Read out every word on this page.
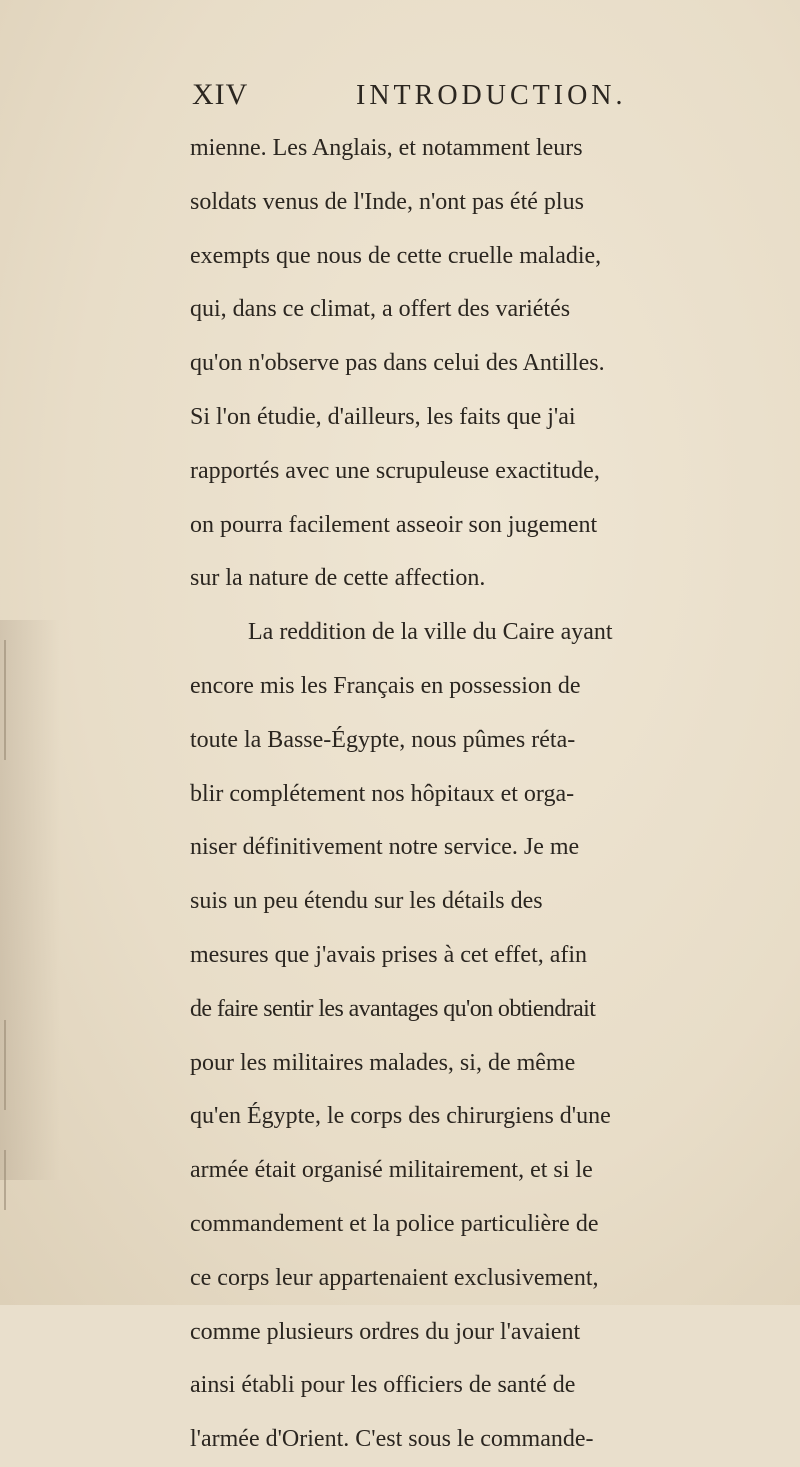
XIV	INTRODUCTION.
mienne. Les Anglais, et notamment leurs
soldats venus de l'Inde, n'ont pas été plus
exempts que nous de cette cruelle maladie,
qui, dans ce climat, a offert des variétés
qu'on n'observe pas dans celui des Antilles.
Si l'on étudie, d'ailleurs, les faits que j'ai
rapportés avec une scrupuleuse exactitude,
on pourra facilement asseoir son jugement
sur la nature de cette affection.
La reddition de la ville du Caire ayant
encore mis les Français en possession de
toute la Basse-Égypte, nous pûmes réta-
blir complétement nos hôpitaux et orga-
niser définitivement notre service. Je me
suis un peu étendu sur les détails des
mesures que j'avais prises à cet effet, afin
de faire sentir les avantages qu'on obtiendrait
pour les militaires malades, si, de même
qu'en Égypte, le corps des chirurgiens d'une
armée était organisé militairement, et si le
commandement et la police particulière de
ce corps leur appartenaient exclusivement,
comme plusieurs ordres du jour l'avaient
ainsi établi pour les officiers de santé de
l'armée d'Orient. C'est sous le commande-
